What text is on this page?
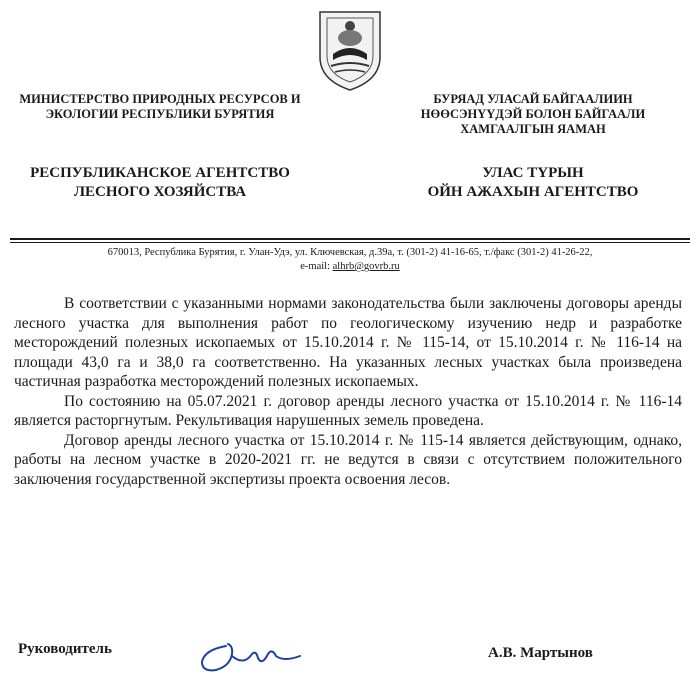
МИНИСТЕРСТВО ПРИРОДНЫХ РЕСУРСОВ И
ЭКОЛОГИИ РЕСПУБЛИКИ БУРЯТИЯ
БУРЯАД УЛАСАЙ БАЙГААЛИИН
НӨӨСЭНҮҮДЭЙ БОЛОН БАЙГААЛИ
ХАМГААЛГЫН ЯАМАН
РЕСПУБЛИКАНСКОЕ АГЕНТСТВО
ЛЕСНОГО ХОЗЯЙСТВА
УЛАС ТҮРЫН
ОЙН АЖАХЫН АГЕНТСТВО
670013, Республика Бурятия, г. Улан-Удэ, ул. Ключевская, д.39а, т. (301-2) 41-16-65, т./факс (301-2) 41-26-22,
e-mail: alhrb@govrb.ru

В соответствии с указанными нормами законодательства были заключены договоры аренды лесного участка для выполнения работ по геологическому изучению недр и разработке месторождений полезных ископаемых от 15.10.2014 г. № 115-14, от 15.10.2014 г. № 116-14 на площади 43,0 га и 38,0 га соответственно. На указанных лесных участках была произведена частичная разработка месторождений полезных ископаемых.

По состоянию на 05.07.2021 г. договор аренды лесного участка от 15.10.2014 г. № 116-14 является расторгнутым. Рекультивация нарушенных земель проведена.

Договор аренды лесного участка от 15.10.2014 г. № 115-14 является действующим, однако, работы на лесном участке в 2020-2021 гг. не ведутся в связи с отсутствием положительного заключения государственной экспертизы проекта освоения лесов.

Руководитель	А.В. Мартынов
